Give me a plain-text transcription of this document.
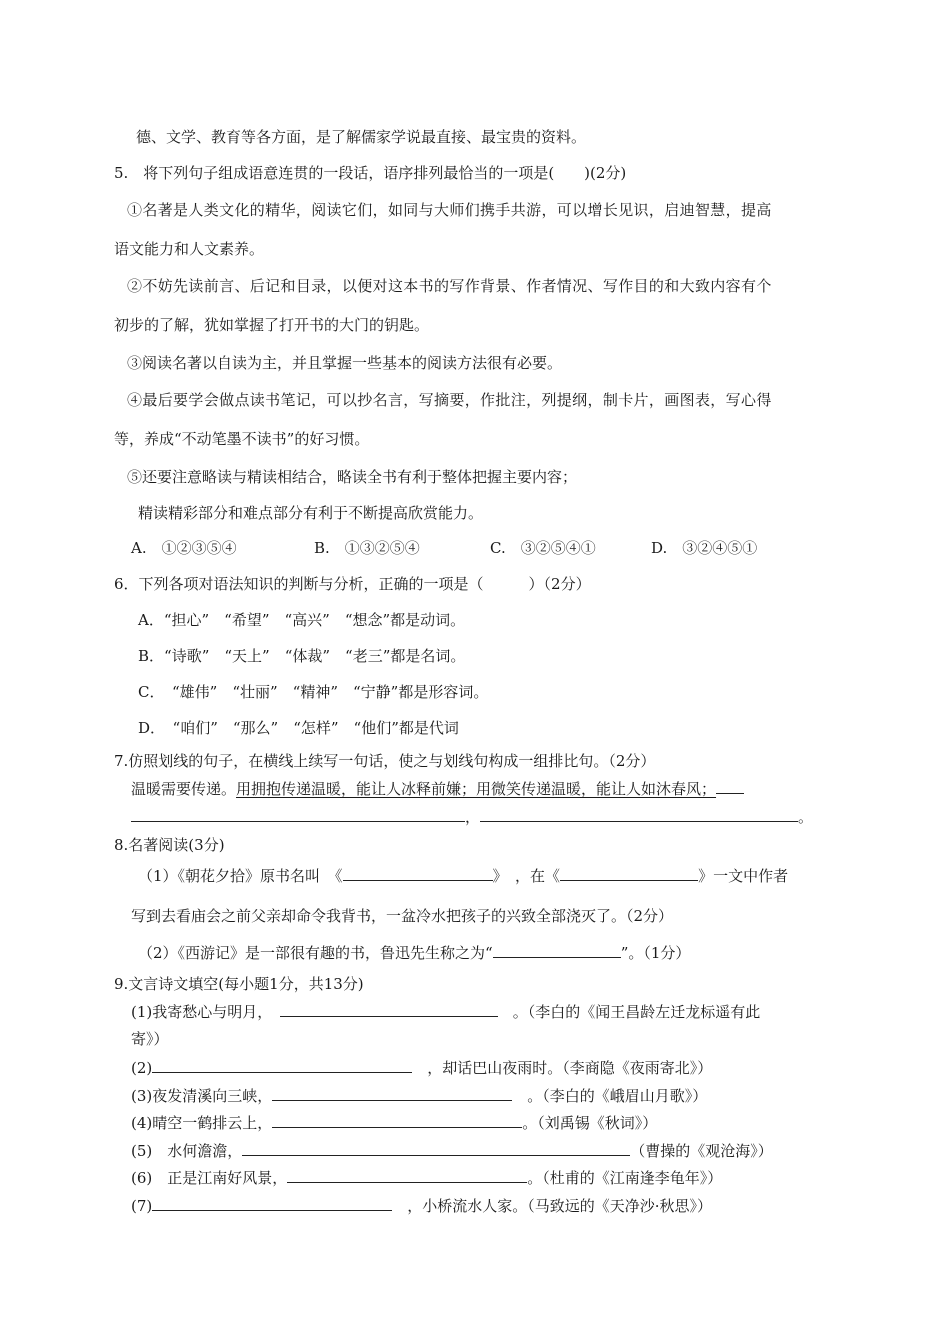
德、文学、教育等各方面，是了解儒家学说最直接、最宝贵的资料。
5.　将下列句子组成语意连贯的一段话，语序排列最恰当的一项是(　　)(2分)
①名著是人类文化的精华，阅读它们，如同与大师们携手共游，可以增长见识，启迪智慧，提高
语文能力和人文素养。
②不妨先读前言、后记和目录，以便对这本书的写作背景、作者情况、写作目的和大致内容有个
初步的了解，犹如掌握了打开书的大门的钥匙。
③阅读名著以自读为主，并且掌握一些基本的阅读方法很有必要。
④最后要学会做点读书笔记，可以抄名言，写摘要，作批注，列提纲，制卡片，画图表，写心得
等，养成“不动笔墨不读书”的好习惯。
⑤还要注意略读与精读相结合，略读全书有利于整体把握主要内容；
精读精彩部分和难点部分有利于不断提高欣赏能力。
A.　①②③⑤④	B.　①③②⑤④	C.　③②⑤④①	D.　③②④⑤①
6．下列各项对语法知识的判断与分析，正确的一项是（　　　）（2分）
A．“担心”　“希望”　“高兴”　“想念”都是动词。
B．“诗歌”　“天上”　“体裁”　“老三”都是名词。
C．　“雄伟”　“壮丽”　“精神”　“宁静”都是形容词。
D．　“咱们”　“那么”　“怎样”　“他们”都是代词
7.仿照划线的句子，在横线上续写一句话，使之与划线句构成一组排比句。（2分）
温暖需要传递。用拥抱传递温暖，能让人冰释前嫌；用微笑传递温暖，能让人如沐春风；
，	。
8.名著阅读(3分)
（1）《朝花夕拾》原书名叫　《	》　，在《	》一文中作者
写到去看庙会之前父亲却命令我背书，一盆冷水把孩子的兴致全部浇灭了。（2分）
（2）《西游记》是一部很有趣的书，鲁迅先生称之为“	”。（1分）
9.文言诗文填空(每小题1分，共13分)
(1)我寄愁心与明月，　　	。（李白的《闻王昌龄左迁龙标遥有此
寄》）
(2)　	，却话巴山夜雨时。（李商隐《夜雨寄北》）
(3)夜发清溪向三峡，　	。（李白的《峨眉山月歌》）
(4)晴空一鹤排云上，	。（刘禹锡《秋词》）
(5)　水何澹澹，	（曹操的《观沧海》）
(6)　正是江南好风景，	。（杜甫的《江南逢李龟年》）
(7)　	，小桥流水人家。（马致远的《天净沙·秋思》）
